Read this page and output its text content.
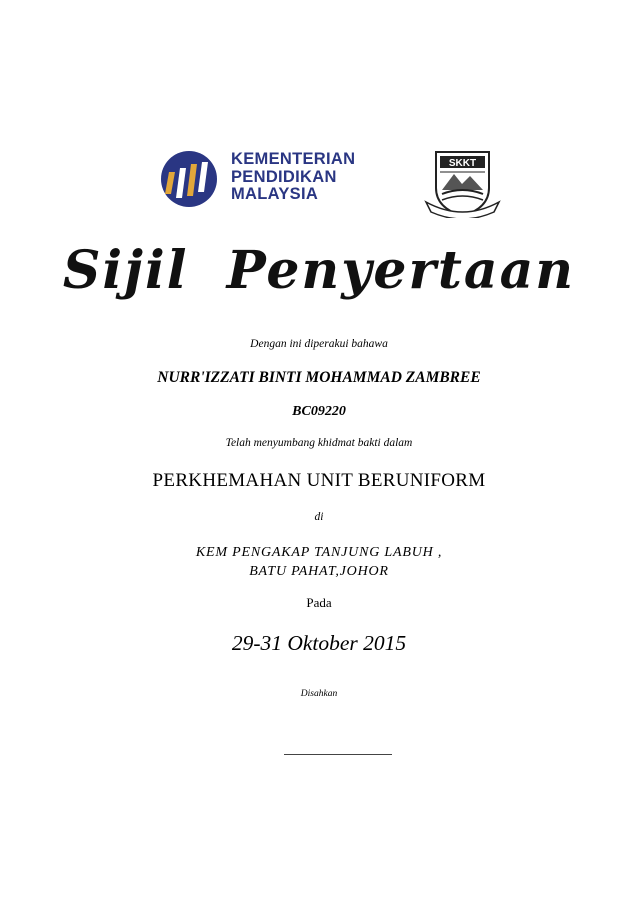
KEMENTERIAN
PENDIDIKAN
MALAYSIA
SKKT
Sijil Penyertaan

Dengan ini diperakui bahawa

NURR'IZZATI BINTI MOHAMMAD ZAMBREE

BC09220

Telah menyumbang khidmat bakti dalam

PERKHEMAHAN UNIT BERUNIFORM

di

KEM PENGAKAP TANJUNG LABUH ,
BATU PAHAT,JOHOR

Pada

29-31 Oktober 2015

Disahkan
